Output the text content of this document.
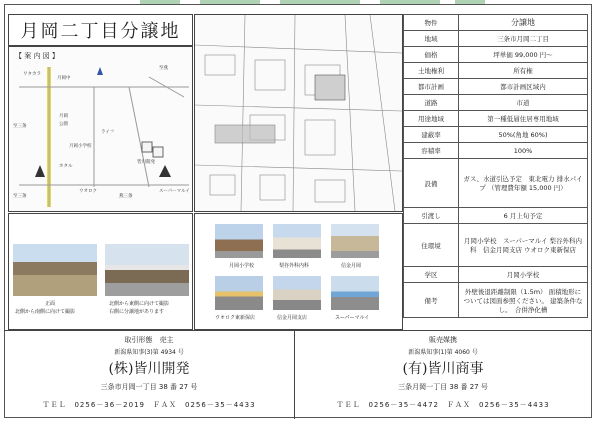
月岡二丁目分譲地
【 案 内 図 】
ワタカラ
月岡中
至三条
至燕
ライフ
月岡
公園
皆川開発
月岡小学校
至三条	燕三条
ホタル
ウオロク	スーパーマルイ
物件	分譲地
地域	三条市月岡二丁目
価格	坪単価 99,000 円～
土地権利	所有権
都市計画	都市計画区域内
道路	市道
用途地域	第一種低層住居専用地域
建蔽率	50%(角地 60%)
容積率	100%
設備	ガス、水道引込予定　東北電力 排水パイプ （管理費年額 15,000 円）
引渡し	6 月上旬予定
住環境	月岡小学校　スーパーマルイ 梨谷外科内科　信金月岡支店 ウオロク東新保店
学区	月岡小学校
備考	外壁後退距離制限（1.5m） 面積地形については図面参照ください。 建築条件なし。　合併浄化槽
正面
北側から南側に向けて撮影
北側から東側に向けて撮影
右側に分譲地があります
月岡小学校	梨谷外科内科	信金月岡
ウオロク東新保店	信金月岡支店	スーパーマルイ
取引形態　売主
新潟県知事(3)第 4934 号
(株)皆川開発
三条市月岡一丁目 38 番 27 号
ＴＥＬ　0256－36－2019　ＦＡＸ　0256－35－4433
販売媒携
新潟県知事(1)第 4060 号
(有)皆川商事
三条月岡一丁目 38 番 27 号
ＴＥＬ　0256－35－4472　ＦＡＸ　0256－35－4433
